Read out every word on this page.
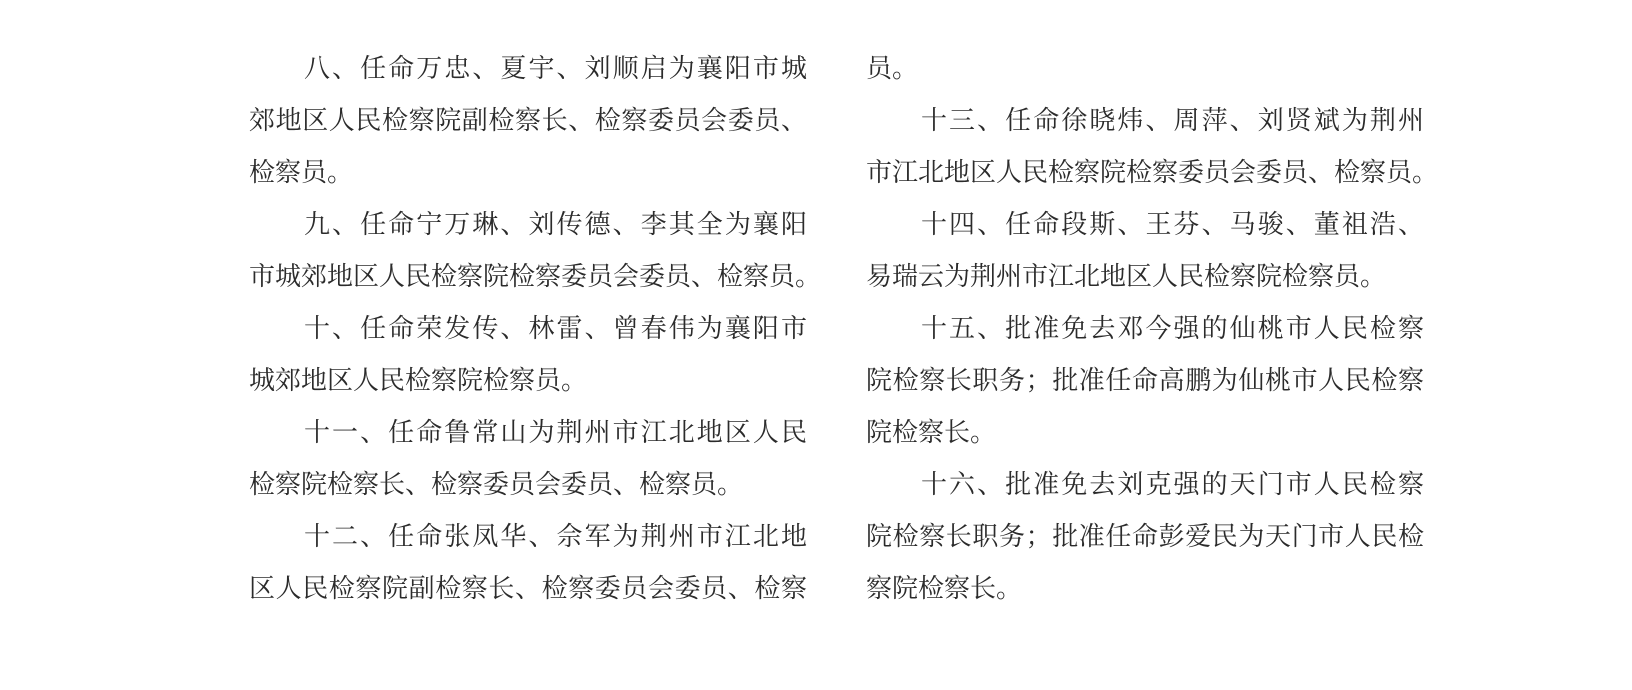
八、任命万忠、夏宇、刘顺启为襄阳市城
郊地区人民检察院副检察长、检察委员会委员、
检察员。
九、任命宁万琳、刘传德、李其全为襄阳
市城郊地区人民检察院检察委员会委员、检察员。
十、任命荣发传、林雷、曾春伟为襄阳市
城郊地区人民检察院检察员。
十一、任命鲁常山为荆州市江北地区人民
检察院检察长、检察委员会委员、检察员。
十二、任命张凤华、佘军为荆州市江北地
区人民检察院副检察长、检察委员会委员、检察
员。
十三、任命徐晓炜、周萍、刘贤斌为荆州
市江北地区人民检察院检察委员会委员、检察员。
十四、任命段斯、王芬、马骏、董祖浩、
易瑞云为荆州市江北地区人民检察院检察员。
十五、批准免去邓今强的仙桃市人民检察
院检察长职务；批准任命高鹏为仙桃市人民检察
院检察长。
十六、批准免去刘克强的天门市人民检察
院检察长职务；批准任命彭爱民为天门市人民检
察院检察长。
